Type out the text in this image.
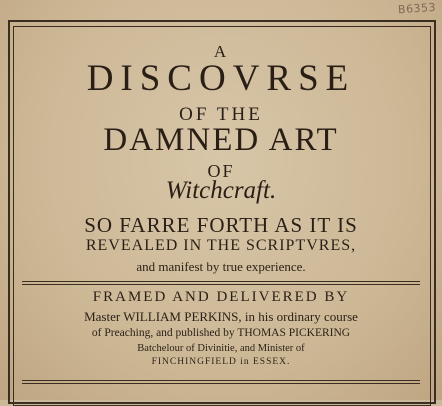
B6353
A
DISCOVRSE
OF THE
DAMNED ART
OF
Witchcraft.
SO FARRE FORTH AS IT IS
REVEALED IN THE SCRIPTVRES,
and manifest by true experience.
FRAMED AND DELIVERED BY
Master WILLIAM PERKINS, in his ordinary course
of Preaching, and published by THOMAS PICKERING
Batchelour of Divinitie, and Minister of
FINCHINGFIELD in ESSEX.
